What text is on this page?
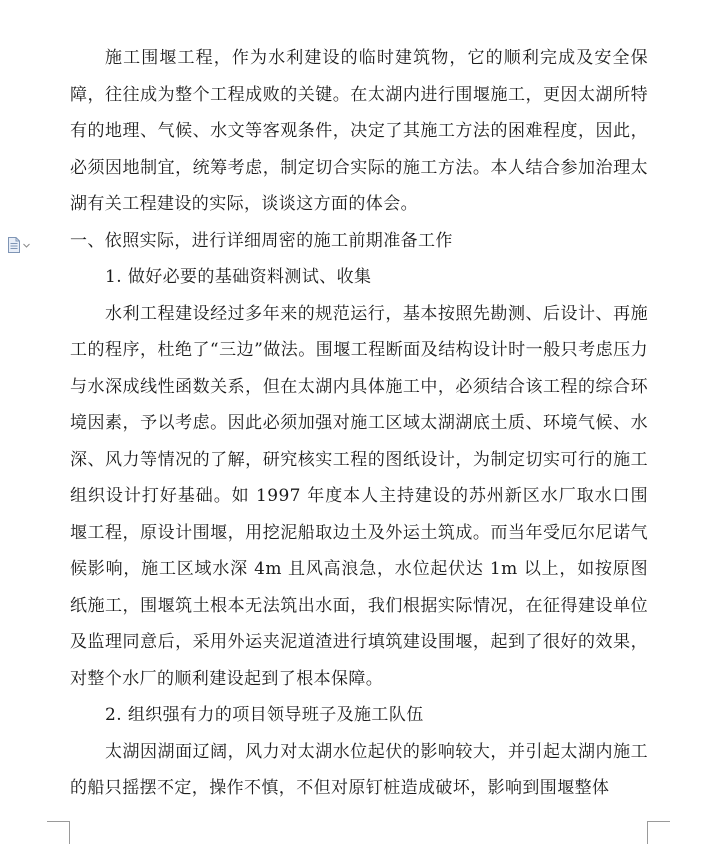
施工围堰工程，作为水利建设的临时建筑物，它的顺利完成及安全保障，往往成为整个工程成败的关键。在太湖内进行围堰施工，更因太湖所特有的地理、气候、水文等客观条件，决定了其施工方法的困难程度，因此，必须因地制宜，统筹考虑，制定切合实际的施工方法。本人结合参加治理太湖有关工程建设的实际，谈谈这方面的体会。

一、依照实际，进行详细周密的施工前期准备工作

1. 做好必要的基础资料测试、收集

水利工程建设经过多年来的规范运行，基本按照先勘测、后设计、再施工的程序，杜绝了“三边”做法。围堰工程断面及结构设计时一般只考虑压力与水深成线性函数关系，但在太湖内具体施工中，必须结合该工程的综合环境因素，予以考虑。因此必须加强对施工区域太湖湖底土质、环境气候、水深、风力等情况的了解，研究核实工程的图纸设计，为制定切实可行的施工组织设计打好基础。如 1997 年度本人主持建设的苏州新区水厂取水口围堰工程，原设计围堰，用挖泥船取边土及外运土筑成。而当年受厄尔尼诺气候影响，施工区域水深 4m 且风高浪急，水位起伏达 1m 以上，如按原图纸施工，围堰筑土根本无法筑出水面，我们根据实际情况，在征得建设单位及监理同意后，采用外运夹泥道渣进行填筑建设围堰，起到了很好的效果，对整个水厂的顺利建设起到了根本保障。

2. 组织强有力的项目领导班子及施工队伍

太湖因湖面辽阔，风力对太湖水位起伏的影响较大，并引起太湖内施工的船只摇摆不定，操作不慎，不但对原钉桩造成破坏，影响到围堰整体
